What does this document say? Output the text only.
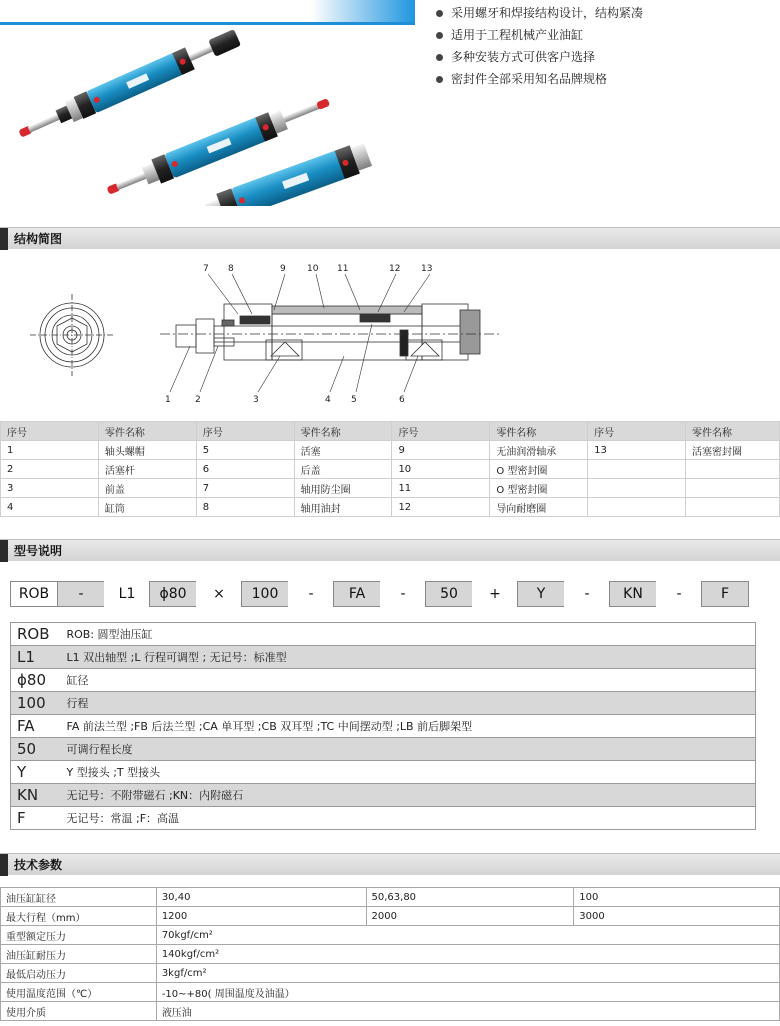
采用螺牙和焊接结构设计，结构紧凑
适用于工程机械产业油缸
多种安装方式可供客户选择
密封件全部采用知名品牌规格
结构简图
7 8	9 10 11	12 13
1	2	3	4 5	6
序号	零件名称	序号	零件名称	序号	零件名称	序号	零件名称
1	轴头螺帽	5	活塞	9	无油润滑轴承	13	活塞密封圈
2	活塞杆	6	后盖	10	O 型密封圈		
3	前盖	7	轴用防尘圈	11	O 型密封圈		
4	缸筒	8	轴用油封	12	导向耐磨圈		
型号说明
ROB	-	L1	ϕ80	×	100	-	FA	-	50	+	Y	-	KN	-	F
ROB	ROB: 圆型油压缸
L1	L1 双出轴型 ;L 行程可调型 ; 无记号：标准型
ϕ80	缸径
100	行程
FA	FA 前法兰型 ;FB 后法兰型 ;CA 单耳型 ;CB 双耳型 ;TC 中间摆动型 ;LB 前后脚架型
50	可调行程长度
Y	Y 型接头 ;T 型接头
KN	无记号：不附带磁石 ;KN：内附磁石
F	无记号：常温 ;F：高温
技术参数
油压缸缸径	30,40	50,63,80	100
最大行程（mm）	1200	2000	3000
重型额定压力	70kgf/cm²		
油压缸耐压力	140kgf/cm²		
最低启动压力	3kgf/cm²		
使用温度范围（℃）	-10~+80( 周围温度及油温）		
使用介质	液压油		
